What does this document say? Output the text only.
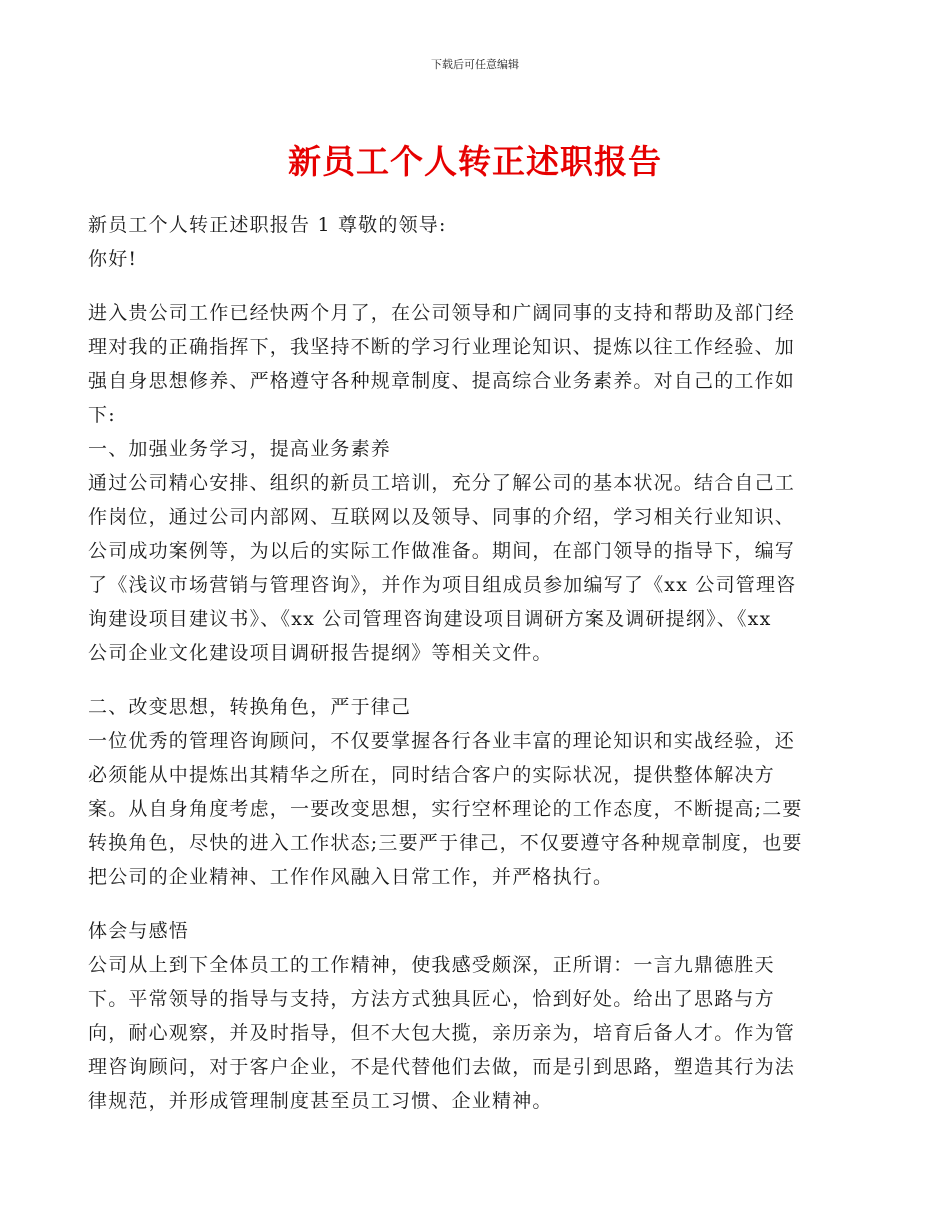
下载后可任意编辑
新员工个人转正述职报告
新员工个人转正述职报告 1 尊敬的领导:
你好!
进入贵公司工作已经快两个月了，在公司领导和广阔同事的支持和帮助及部门经
理对我的正确指挥下，我坚持不断的学习行业理论知识、提炼以往工作经验、加
强自身思想修养、严格遵守各种规章制度、提高综合业务素养。对自己的工作如
下:
一、加强业务学习，提高业务素养
通过公司精心安排、组织的新员工培训，充分了解公司的基本状况。结合自己工
作岗位，通过公司内部网、互联网以及领导、同事的介绍，学习相关行业知识、
公司成功案例等，为以后的实际工作做准备。期间，在部门领导的指导下，编写
了《浅议市场营销与管理咨询》，并作为项目组成员参加编写了《xx 公司管理咨
询建设项目建议书》、《xx 公司管理咨询建设项目调研方案及调研提纲》、《xx
公司企业文化建设项目调研报告提纲》等相关文件。
二、改变思想，转换角色，严于律己
一位优秀的管理咨询顾问，不仅要掌握各行各业丰富的理论知识和实战经验，还
必须能从中提炼出其精华之所在，同时结合客户的实际状况，提供整体解决方
案。从自身角度考虑，一要改变思想，实行空杯理论的工作态度，不断提高;二要
转换角色，尽快的进入工作状态;三要严于律己，不仅要遵守各种规章制度，也要
把公司的企业精神、工作作风融入日常工作，并严格执行。
体会与感悟
公司从上到下全体员工的工作精神，使我感受颇深，正所谓：一言九鼎德胜天
下。平常领导的指导与支持，方法方式独具匠心，恰到好处。给出了思路与方
向，耐心观察，并及时指导，但不大包大揽，亲历亲为，培育后备人才。作为管
理咨询顾问，对于客户企业，不是代替他们去做，而是引到思路，塑造其行为法
律规范，并形成管理制度甚至员工习惯、企业精神。
